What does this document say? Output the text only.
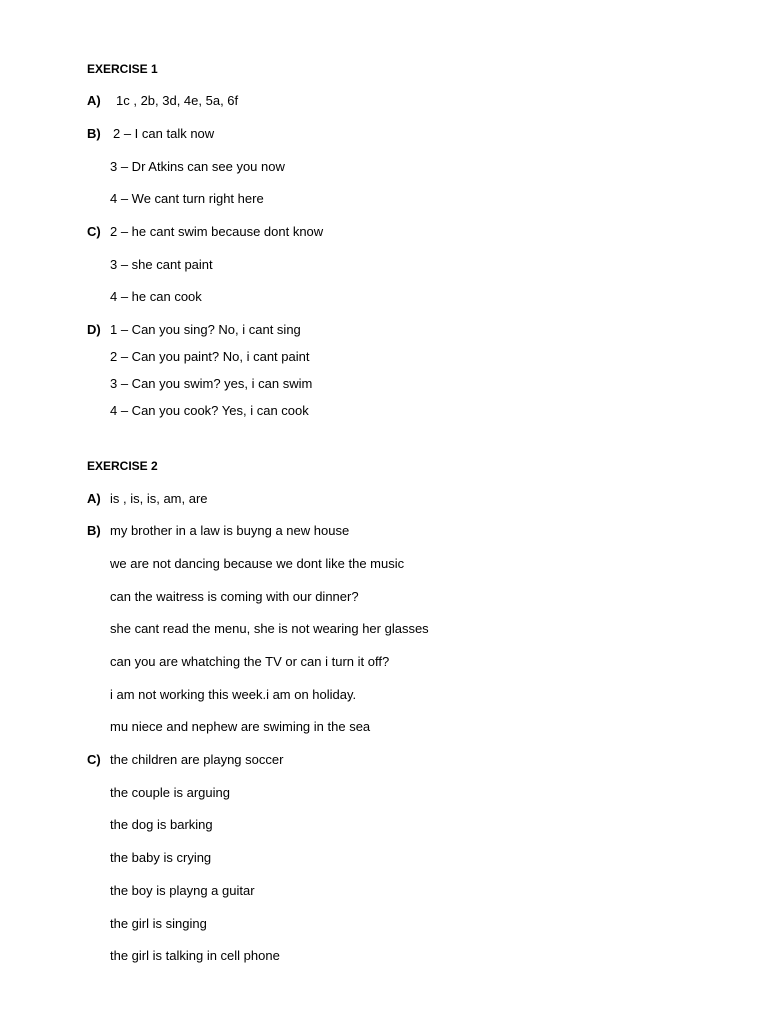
EXERCISE 1
A) 1c , 2b, 3d, 4e, 5a, 6f
B) 2 – I can talk now
3 – Dr Atkins can see you now
4 – We cant turn right here
C) 2 – he cant swim because dont know
3 – she cant paint
4 – he can cook
D) 1 – Can you sing? No, i cant sing
2 – Can you paint? No, i cant paint
3 – Can you swim? yes, i can swim
4 – Can you cook? Yes, i can cook
EXERCISE 2
A) is , is, is, am, are
B) my brother in a law is buyng a new house
we are not dancing because we dont like the music
can the waitress is coming with our dinner?
she cant read the menu, she is not wearing her glasses
can you are whatching the TV or can i turn it off?
i am not working this week.i am on holiday.
mu niece and nephew are swiming in the sea
C) the children are playng soccer
the couple is arguing
the dog is barking
the baby is crying
the boy is playng a guitar
the girl is singing
the girl is talking in cell phone
